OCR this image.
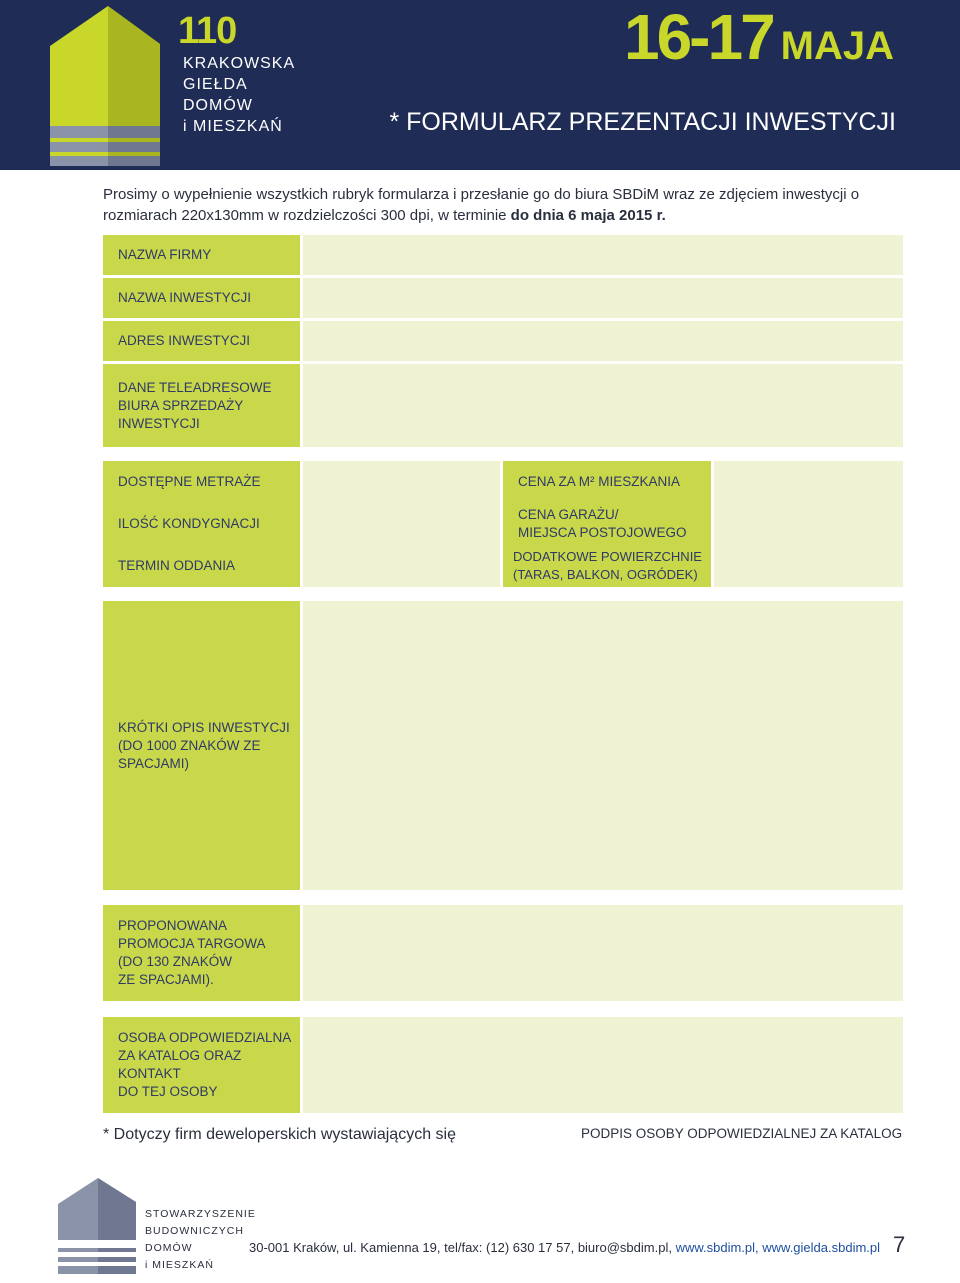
110
KRAKOWSKA
GIEŁDA
DOMÓW
i MIESZKAŃ
16-17 MAJA
* FORMULARZ PREZENTACJI INWESTYCJI
Prosimy o wypełnienie wszystkich rubryk formularza i przesłanie go do biura SBDiM wraz ze zdjęciem inwestycji o rozmiarach 220x130mm w rozdzielczości 300 dpi, w terminie do dnia 6 maja 2015 r.
NAZWA FIRMY
NAZWA INWESTYCJI
ADRES INWESTYCJI
DANE TELEADRESOWE
BIURA SPRZEDAŻY
INWESTYCJI
DOSTĘPNE METRAŻE
ILOŚĆ KONDYGNACJI
TERMIN ODDANIA
CENA ZA M² MIESZKANIA
CENA GARAŻU/
MIEJSCA POSTOJOWEGO
DODATKOWE POWIERZCHNIE
(TARAS, BALKON, OGRÓDEK)
KRÓTKI OPIS INWESTYCJI
(DO 1000 ZNAKÓW ZE
SPACJAMI)
PROPONOWANA
PROMOCJA TARGOWA
(DO 130 ZNAKÓW
ZE SPACJAMI).
OSOBA ODPOWIEDZIALNA
ZA KATALOG ORAZ KONTAKT
DO TEJ OSOBY
* Dotyczy firm deweloperskich wystawiających się	PODPIS OSOBY ODPOWIEDZIALNEJ ZA KATALOG
STOWARZYSZENIE
BUDOWNICZYCH
DOMÓW
i MIESZKAŃ
30-001 Kraków, ul. Kamienna 19, tel/fax: (12) 630 17 57, biuro@sbdim.pl, www.sbdim.pl, www.gielda.sbdim.pl 7
